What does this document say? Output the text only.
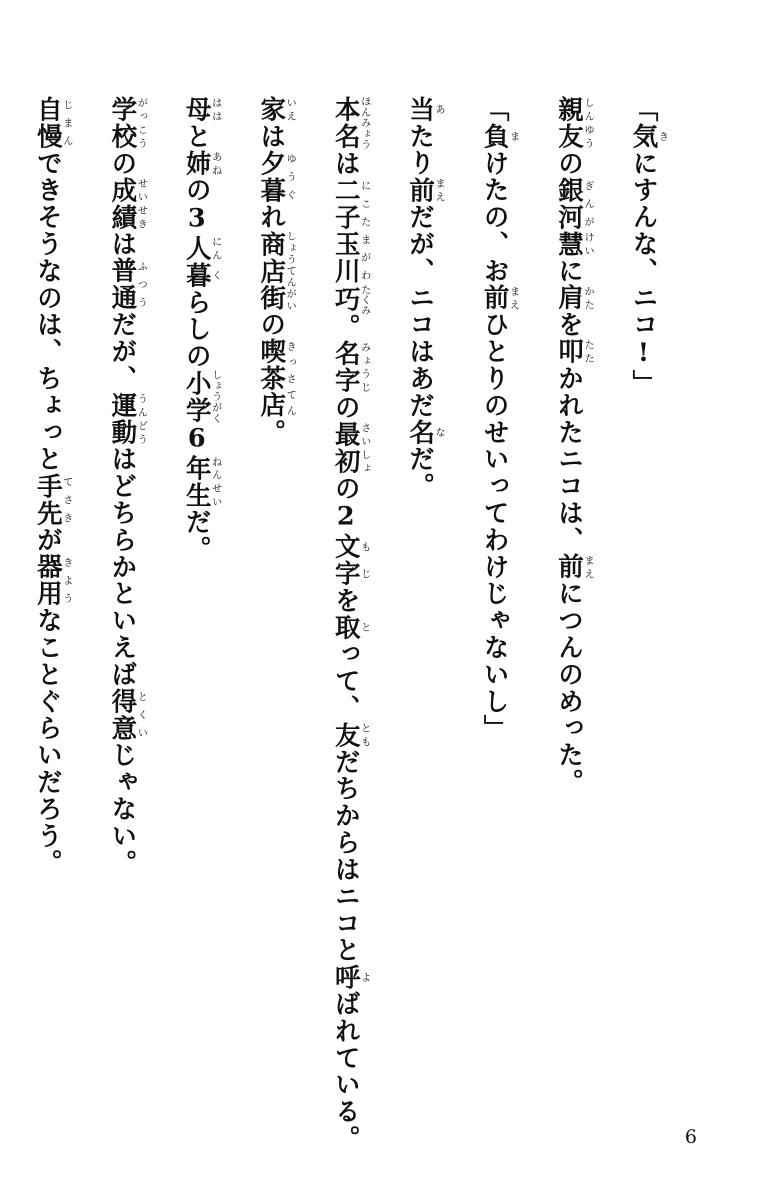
「気きにすんな、ニコ!」

親友しんゆうの銀河ぎんが慧けいに肩かたを叩たたかれたニコは、前まえにつんのめった。

「負まけたの、お前まえひとりのせいってわけじゃないし」

当あたり前まえだが、ニコはあだ名なだ。

本名ほんみょうは二子玉川にこたまがわ巧たくみ。名字みょうじの最初さいしょの2文字もじを取とって、友ともだちからはニコと呼よばれている。

家いえは夕暮ゆうぐれ商店街しょうてんがいの喫茶店きっさてん。

母ははと姉あねの3人にん暮くらしの小学しょうがく6年生ねんせいだ。

学校がっこうの成績せいせきは普通ふつうだが、運動うんどうはどちらかといえば得意とくいじゃない。

自慢じまんできそうなのは、ちょっと手先てさきが器用きようなことぐらいだろう。

6
